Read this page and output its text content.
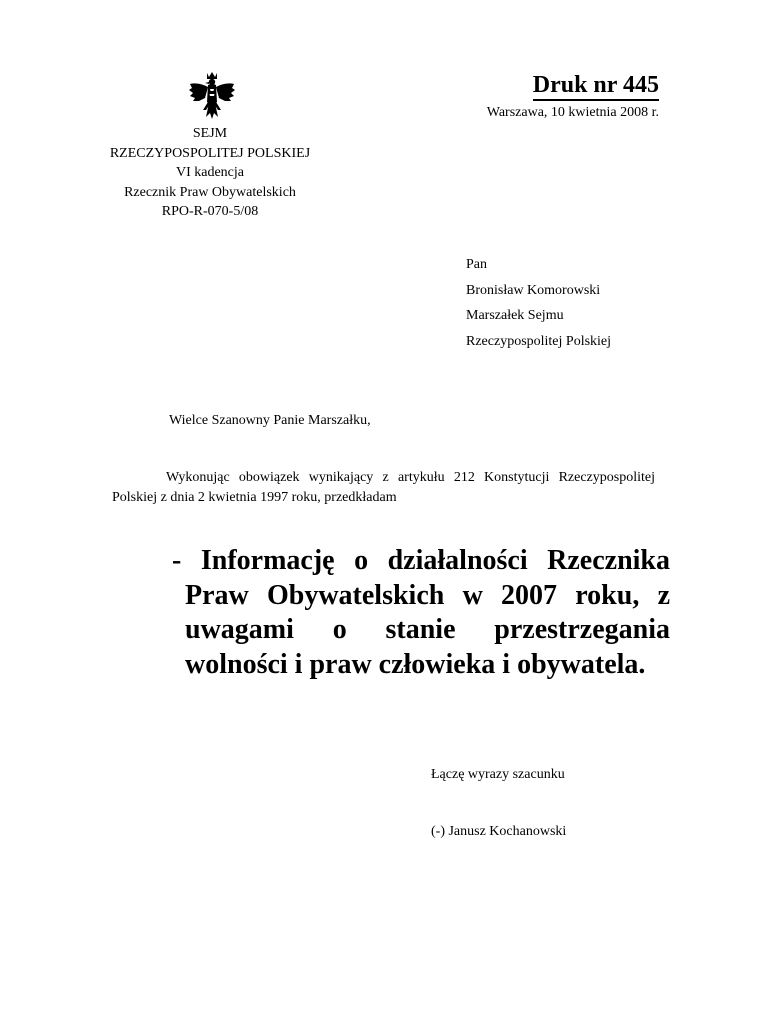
SEJM
RZECZYPOSPOLITEJ POLSKIEJ
VI kadencja
Rzecznik Praw Obywatelskich
RPO-R-070-5/08
Druk nr 445
Warszawa, 10 kwietnia 2008 r.
Pan
Bronisław Komorowski
Marszałek Sejmu
Rzeczypospolitej Polskiej
Wielce Szanowny Panie Marszałku,
Wykonując obowiązek wynikający z artykułu 212 Konstytucji Rzeczypospolitej Polskiej z dnia 2 kwietnia 1997 roku, przedkładam
- Informację o działalności Rzecznika Praw Obywatelskich w 2007 roku, z uwagami o stanie przestrzegania wolności i praw człowieka i obywatela.
Łączę wyrazy szacunku
(-) Janusz Kochanowski
